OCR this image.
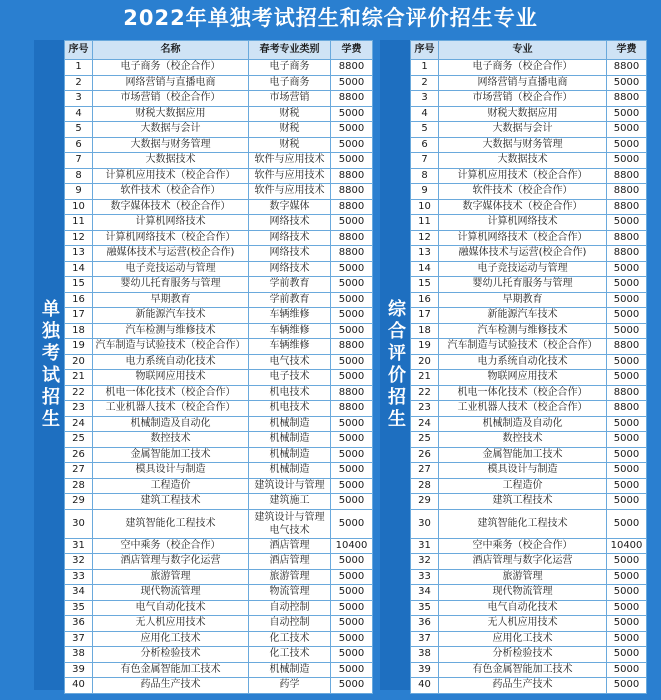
2022年单独考试招生和综合评价招生专业
单独考试招生
序号	名称	春考专业类别	学费
1	电子商务（校企合作）	电子商务	8800
2	网络营销与直播电商	电子商务	5000
3	市场营销（校企合作）	市场营销	8800
4	财税大数据应用	财税	5000
5	大数据与会计	财税	5000
6	大数据与财务管理	财税	5000
7	大数据技术	软件与应用技术	5000
8	计算机应用技术（校企合作）	软件与应用技术	8800
9	软件技术（校企合作）	软件与应用技术	8800
10	数字媒体技术（校企合作）	数字媒体	8800
11	计算机网络技术	网络技术	5000
12	计算机网络技术（校企合作）	网络技术	8800
13	融媒体技术与运营(校企合作)	网络技术	8800
14	电子竞技运动与管理	网络技术	5000
15	婴幼儿托育服务与管理	学前教育	5000
16	早期教育	学前教育	5000
17	新能源汽车技术	车辆维修	5000
18	汽车检测与维修技术	车辆维修	5000
19	汽车制造与试验技术（校企合作）	车辆维修	8800
20	电力系统自动化技术	电气技术	5000
21	物联网应用技术	电子技术	5000
22	机电一体化技术（校企合作）	机电技术	8800
23	工业机器人技术（校企合作）	机电技术	8800
24	机械制造及自动化	机械制造	5000
25	数控技术	机械制造	5000
26	金属智能加工技术	机械制造	5000
27	模具设计与制造	机械制造	5000
28	工程造价	建筑设计与管理	5000
29	建筑工程技术	建筑施工	5000
30	建筑智能化工程技术	建筑设计与管理 电气技术	5000
31	空中乘务（校企合作）	酒店管理	10400
32	酒店管理与数字化运营	酒店管理	5000
33	旅游管理	旅游管理	5000
34	现代物流管理	物流管理	5000
35	电气自动化技术	自动控制	5000
36	无人机应用技术	自动控制	5000
37	应用化工技术	化工技术	5000
38	分析检验技术	化工技术	5000
39	有色金属智能加工技术	机械制造	5000
40	药品生产技术	药学	5000
综合评价招生
序号	专业	学费
1	电子商务（校企合作）	8800
2	网络营销与直播电商	5000
3	市场营销（校企合作）	8800
4	财税大数据应用	5000
5	大数据与会计	5000
6	大数据与财务管理	5000
7	大数据技术	5000
8	计算机应用技术（校企合作）	8800
9	软件技术（校企合作）	8800
10	数字媒体技术（校企合作）	8800
11	计算机网络技术	5000
12	计算机网络技术（校企合作）	8800
13	融媒体技术与运营(校企合作)	8800
14	电子竞技运动与管理	5000
15	婴幼儿托育服务与管理	5000
16	早期教育	5000
17	新能源汽车技术	5000
18	汽车检测与维修技术	5000
19	汽车制造与试验技术（校企合作）	8800
20	电力系统自动化技术	5000
21	物联网应用技术	5000
22	机电一体化技术（校企合作）	8800
23	工业机器人技术（校企合作）	8800
24	机械制造及自动化	5000
25	数控技术	5000
26	金属智能加工技术	5000
27	模具设计与制造	5000
28	工程造价	5000
29	建筑工程技术	5000
30	建筑智能化工程技术	5000
31	空中乘务（校企合作）	10400
32	酒店管理与数字化运营	5000
33	旅游管理	5000
34	现代物流管理	5000
35	电气自动化技术	5000
36	无人机应用技术	5000
37	应用化工技术	5000
38	分析检验技术	5000
39	有色金属智能加工技术	5000
40	药品生产技术	5000
